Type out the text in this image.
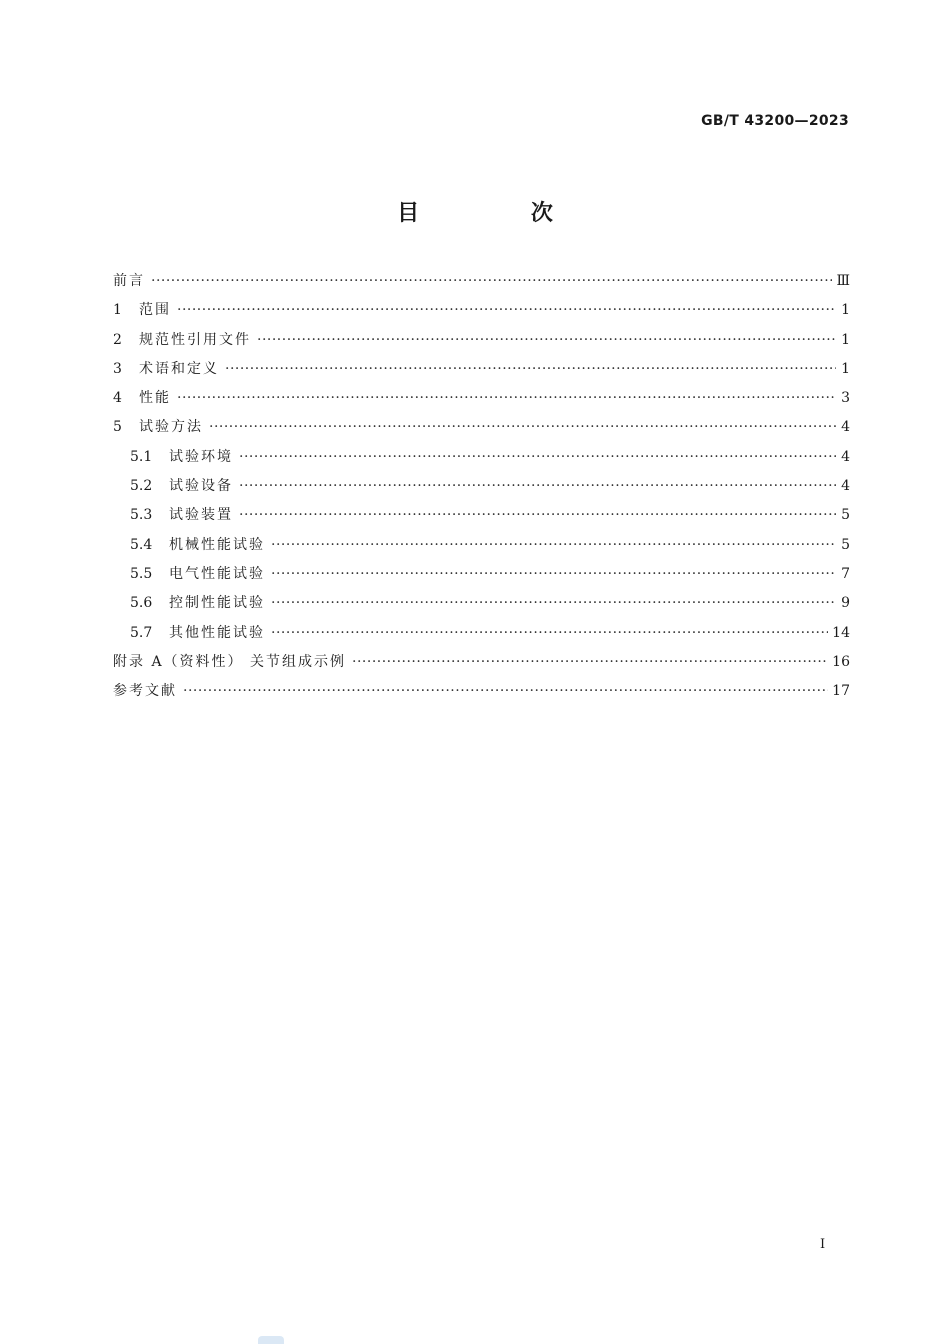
GB/T 43200—2023
目 次
前言 ·····	Ⅲ
1	范围 ·····	1
2	规范性引用文件 ·····	1
3	术语和定义 ·····	1
4	性能 ·····	3
5	试验方法 ·····	4
5.1	试验环境 ·····	4
5.2	试验设备 ·····	4
5.3	试验装置 ·····	5
5.4	机械性能试验 ·····	5
5.5	电气性能试验 ·····	7
5.6	控制性能试验 ·····	9
5.7	其他性能试验 ·····	14
附录 A（资料性） 关节组成示例 ·····	16
参考文献 ·····	17
I
